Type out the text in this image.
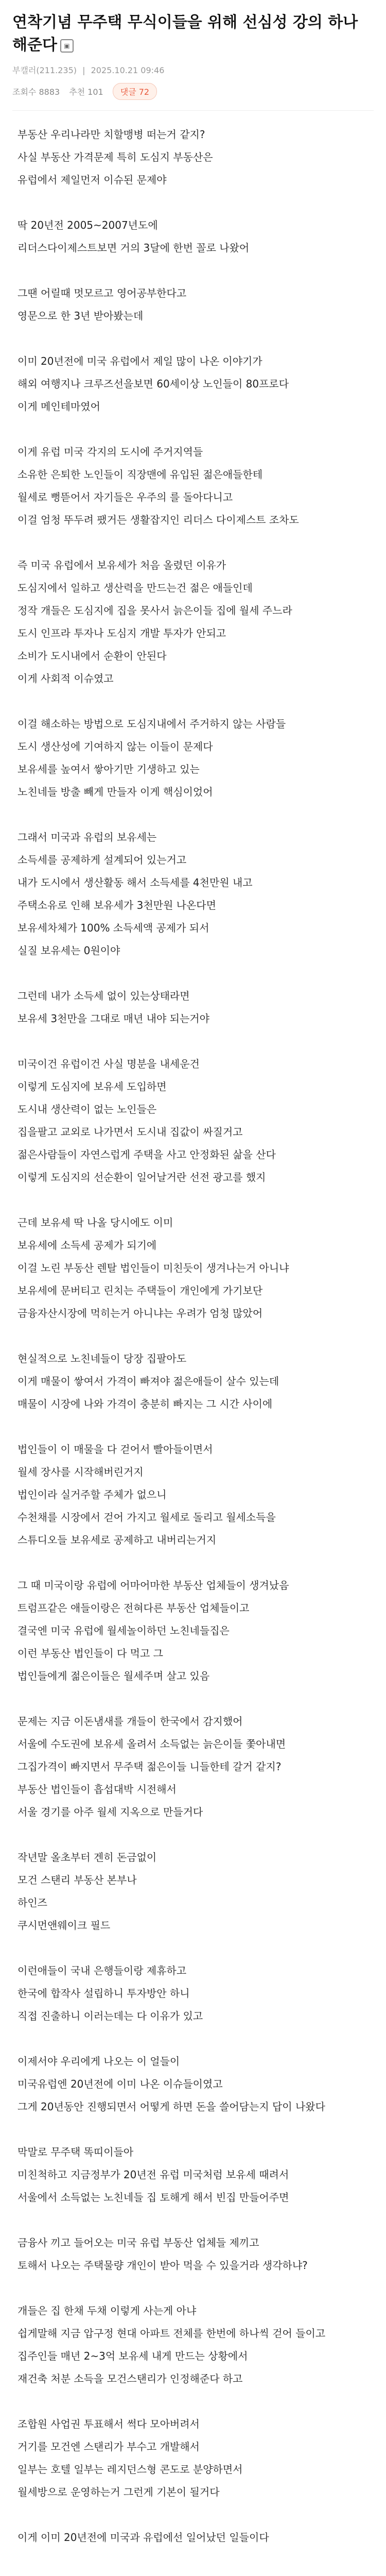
연착기념 무주택 무식이들을 위해 선심성 강의 하나 해준다 ▣
부캘러(211.235) | 2025.10.21 09:46
조회수 8883 추천 101	댓글 72

부동산 우리나라만 치할맹병 떠는거 같지?
사실 부동산 가격문제 특히 도심지 부동산은
유럽에서 제일먼저 이슈된 문제야

딱 20년전 2005~2007년도에
리더스다이제스트보면 거의 3달에 한번 꼴로 나왔어

그땐 어릴때 멋모르고 영어공부한다고
영문으로 한 3년 받아봤는데

이미 20년전에 미국 유럽에서 제일 많이 나온 이야기가
해외 여행지나 크루즈선을보면 60세이상 노인들이 80프로다
이게 메인테마였어

이게 유럽 미국 각지의 도시에 주거지역들
소유한 은퇴한 노인들이 직장맨에 유입된 젊은애들한테
월세로 뻥뜯어서 자기들은 우주의 를 돌아다니고
이걸 엄청 뚜두려 팼거든 생활잡지인 리더스 다이제스트 조차도

즉 미국 유럽에서 보유세가 처음 올렸던 이유가
도심지에서 일하고 생산력을 만드는건 젊은 애들인데
정작 개들은 도심지에 집을 못사서 늙은이들 집에 월세 주느라
도시 인프라 투자나 도심지 개발 투자가 안되고
소비가 도시내에서 순환이 안된다
이게 사회적 이슈였고

이걸 해소하는 방법으로 도심지내에서 주거하지 않는 사람들
도시 생산성에 기여하지 않는 이들이 문제다
보유세를 높여서 쌓아기만 기생하고 있는
노친네들 방출 빼게 만들자 이게 핵심이었어

그래서 미국과 유럽의 보유세는
소득세를 공제하게 설계되어 있는거고
내가 도시에서 생산활동 해서 소득세를 4천만원 내고
주택소유로 인해 보유세가 3천만원 나온다면
보유세차체가 100% 소득세액 공제가 되서
실질 보유세는 0원이야

그런데 내가 소득세 없이 있는상태라면
보유세 3천만을 그대로 매년 내야 되는거야

미국이건 유럽이건 사실 명분을 내세운건
이렇게 도심지에 보유세 도입하면
도시내 생산력이 없는 노인들은
집을팔고 교외로 나가면서 도시내 집값이 싸질거고
젊은사람들이 자연스럽게 주택을 사고 안정화된 삶을 산다
이렇게 도심지의 선순환이 일어날거란 선전 광고를 했지

근데 보유세 딱 나올 당시에도 이미
보유세에 소득세 공제가 되기에
이걸 노린 부동산 렌탈 법인들이 미친듯이 생겨나는거 아니냐
보유세에 문버티고 린치는 주택들이 개인에게 가기보단
금융자산시장에 먹히는거 아니냐는 우려가 엄청 많았어

현실적으로 노친네들이 당장 집팔아도
이게 매물이 쌓여서 가격이 빠져야 젊은애들이 살수 있는데
매물이 시장에 나와 가격이 충분히 빠지는 그 시간 사이에

법인들이 이 매물을 다 걷어서 빨아들이면서
월세 장사를 시작해버린거지
법인이라 실거주할 주체가 없으니
수천채를 시장에서 걷어 가지고 월세로 돌리고 월세소득을
스튜디오들 보유세로 공제하고 내버리는거지

그 때 미국이랑 유럽에 어마어마한 부동산 업체들이 생겨났음
트럼프같은 애들이랑은 전혀다른 부동산 업체들이고
결국엔 미국 유럽에 월세놀이하던 노친네들집은
이런 부동산 법인들이 다 먹고 그
법인들에게 젊은이들은 월세주며 살고 있음

문제는 지금 이돈냄새를 개들이 한국에서 감지했어
서울에 수도권에 보유세 올려서 소득없는 늙은이들 쫓아내면
그집가격이 빠지면서 무주택 젊은이들 니들한테 갈거 같지?
부동산 법인들이 흡섭대박 시전해서
서울 경기를 아주 월세 지옥으로 만들거다

작년말 올초부터 겐히 돈금없이
모건 스탠리 부동산 본부나
하인즈
쿠시먼앤웨이크 필드

이런애들이 국내 은행들이랑 제휴하고
한국에 합작사 설립하니 투자방안 하니
직접 진출하니 이러는데는 다 이유가 있고

이제서야 우리에게 나오는 이 얼들이
미국유럽엔 20년전에 이미 나온 이슈들이였고
그게 20년동안 진행되면서 어떻게 하면 돈을 쓸어담는지 답이 나왔다

막말로 무주택 똑띠이들아
미친척하고 지금정부가 20년전 유럽 미국처럼 보유세 때려서
서울에서 소득없는 노친네들 집 토해게 해서 빈집 만들어주면

금융사 끼고 들어오는 미국 유럽 부동산 업체들 제끼고
토해서 나오는 주택물량 개인이 받아 먹을 수 있을거라 생각하냐?

개들은 집 한채 두채 이렇게 사는게 아냐
쉽게말해 지금 압구정 현대 아파트 전체를 한번에 하나씩 걷어 들이고
집주인들 매년 2~3억 보유세 내게 만드는 상황에서
재건축 처분 소득을 모건스탠리가 인정해준다 하고

조합원 사업권 투표해서 썩다 모아버려서
거기를 모건엔 스탠리가 부수고 개발해서
일부는 호텔 일부는 레지던스형 콘도로 분양하면서
월세방으로 운영하는거 그런게 기본이 될거다

이게 이미 20년전에 미국과 유럽에선 일어났던 일들이다
